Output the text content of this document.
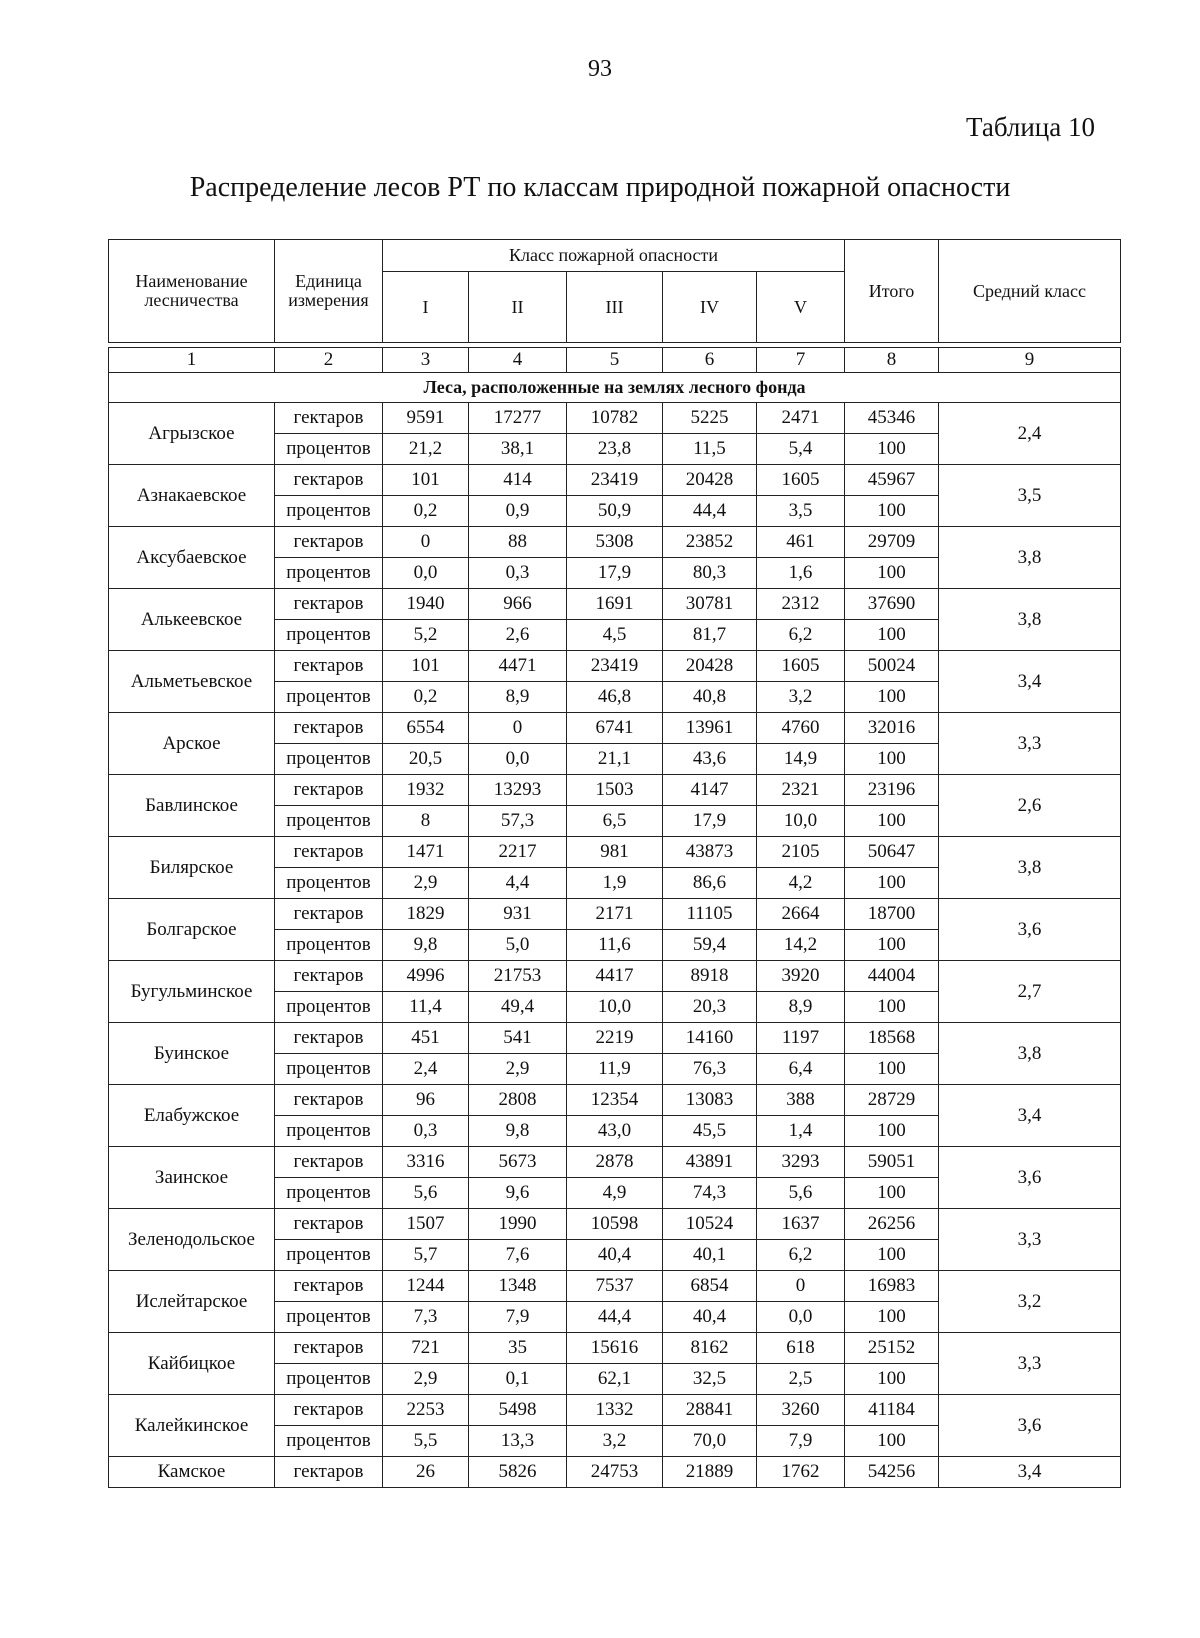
93
Таблица 10
Распределение лесов РТ по классам природной пожарной опасности
Наименование лесничества	Единица измерения	Класс пожарной опасности					Итого	Средний класс
		I	II	III	IV	V		

1	2	3	4	5	6	7	8	9
Леса, расположенные на землях лесного фонда								
Агрызское	гектаров	9591	17277	10782	5225	2471	45346	2,4
	процентов	21,2	38,1	23,8	11,5	5,4	100	
Азнакаевское	гектаров	101	414	23419	20428	1605	45967	3,5
	процентов	0,2	0,9	50,9	44,4	3,5	100	
Аксубаевское	гектаров	0	88	5308	23852	461	29709	3,8
	процентов	0,0	0,3	17,9	80,3	1,6	100	
Алькеевское	гектаров	1940	966	1691	30781	2312	37690	3,8
	процентов	5,2	2,6	4,5	81,7	6,2	100	
Альметьевское	гектаров	101	4471	23419	20428	1605	50024	3,4
	процентов	0,2	8,9	46,8	40,8	3,2	100	
Арское	гектаров	6554	0	6741	13961	4760	32016	3,3
	процентов	20,5	0,0	21,1	43,6	14,9	100	
Бавлинское	гектаров	1932	13293	1503	4147	2321	23196	2,6
	процентов	8	57,3	6,5	17,9	10,0	100	
Билярское	гектаров	1471	2217	981	43873	2105	50647	3,8
	процентов	2,9	4,4	1,9	86,6	4,2	100	
Болгарское	гектаров	1829	931	2171	11105	2664	18700	3,6
	процентов	9,8	5,0	11,6	59,4	14,2	100	
Бугульминское	гектаров	4996	21753	4417	8918	3920	44004	2,7
	процентов	11,4	49,4	10,0	20,3	8,9	100	
Буинское	гектаров	451	541	2219	14160	1197	18568	3,8
	процентов	2,4	2,9	11,9	76,3	6,4	100	
Елабужское	гектаров	96	2808	12354	13083	388	28729	3,4
	процентов	0,3	9,8	43,0	45,5	1,4	100	
Заинское	гектаров	3316	5673	2878	43891	3293	59051	3,6
	процентов	5,6	9,6	4,9	74,3	5,6	100	
Зеленодольское	гектаров	1507	1990	10598	10524	1637	26256	3,3
	процентов	5,7	7,6	40,4	40,1	6,2	100	
Ислейтарское	гектаров	1244	1348	7537	6854	0	16983	3,2
	процентов	7,3	7,9	44,4	40,4	0,0	100	
Кайбицкое	гектаров	721	35	15616	8162	618	25152	3,3
	процентов	2,9	0,1	62,1	32,5	2,5	100	
Калейкинское	гектаров	2253	5498	1332	28841	3260	41184	3,6
	процентов	5,5	13,3	3,2	70,0	7,9	100	
Камское	гектаров	26	5826	24753	21889	1762	54256	3,4
